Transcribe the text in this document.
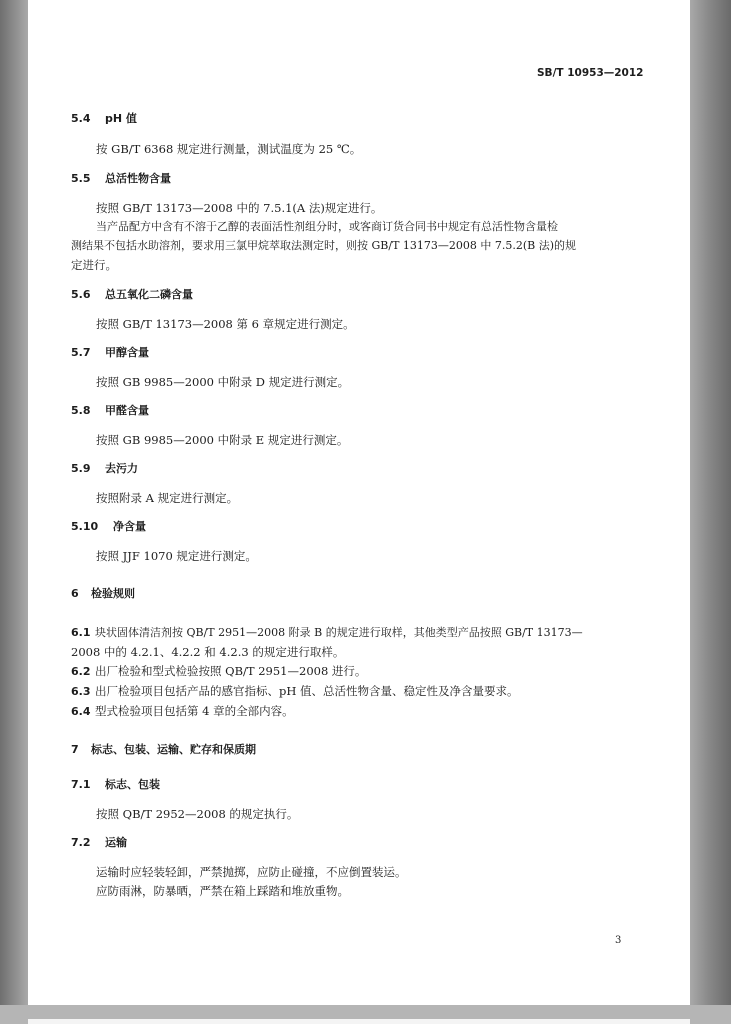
SB/T 10953—2012
5.4 pH 值
按 GB/T 6368 规定进行测量，测试温度为 25 ℃。
5.5 总活性物含量
按照 GB/T 13173—2008 中的 7.5.1(A 法)规定进行。
当产品配方中含有不溶于乙醇的表面活性剂组分时，或客商订货合同书中规定有总活性物含量检
测结果不包括水助溶剂，要求用三氯甲烷萃取法测定时，则按 GB/T 13173—2008 中 7.5.2(B 法)的规
定进行。
5.6 总五氧化二磷含量
按照 GB/T 13173—2008 第 6 章规定进行测定。
5.7 甲醇含量
按照 GB 9985—2000 中附录 D 规定进行测定。
5.8 甲醛含量
按照 GB 9985—2000 中附录 E 规定进行测定。
5.9 去污力
按照附录 A 规定进行测定。
5.10 净含量
按照 JJF 1070 规定进行测定。
6 检验规则
6.1 块状固体清洁剂按 QB/T 2951—2008 附录 B 的规定进行取样，其他类型产品按照 GB/T 13173—
2008 中的 4.2.1、4.2.2 和 4.2.3 的规定进行取样。
6.2 出厂检验和型式检验按照 QB/T 2951—2008 进行。
6.3 出厂检验项目包括产品的感官指标、pH 值、总活性物含量、稳定性及净含量要求。
6.4 型式检验项目包括第 4 章的全部内容。
7 标志、包装、运输、贮存和保质期
7.1 标志、包装
按照 QB/T 2952—2008 的规定执行。
7.2 运输
运输时应轻装轻卸，严禁抛掷，应防止碰撞，不应倒置装运。
应防雨淋，防暴晒，严禁在箱上踩踏和堆放重物。
3
